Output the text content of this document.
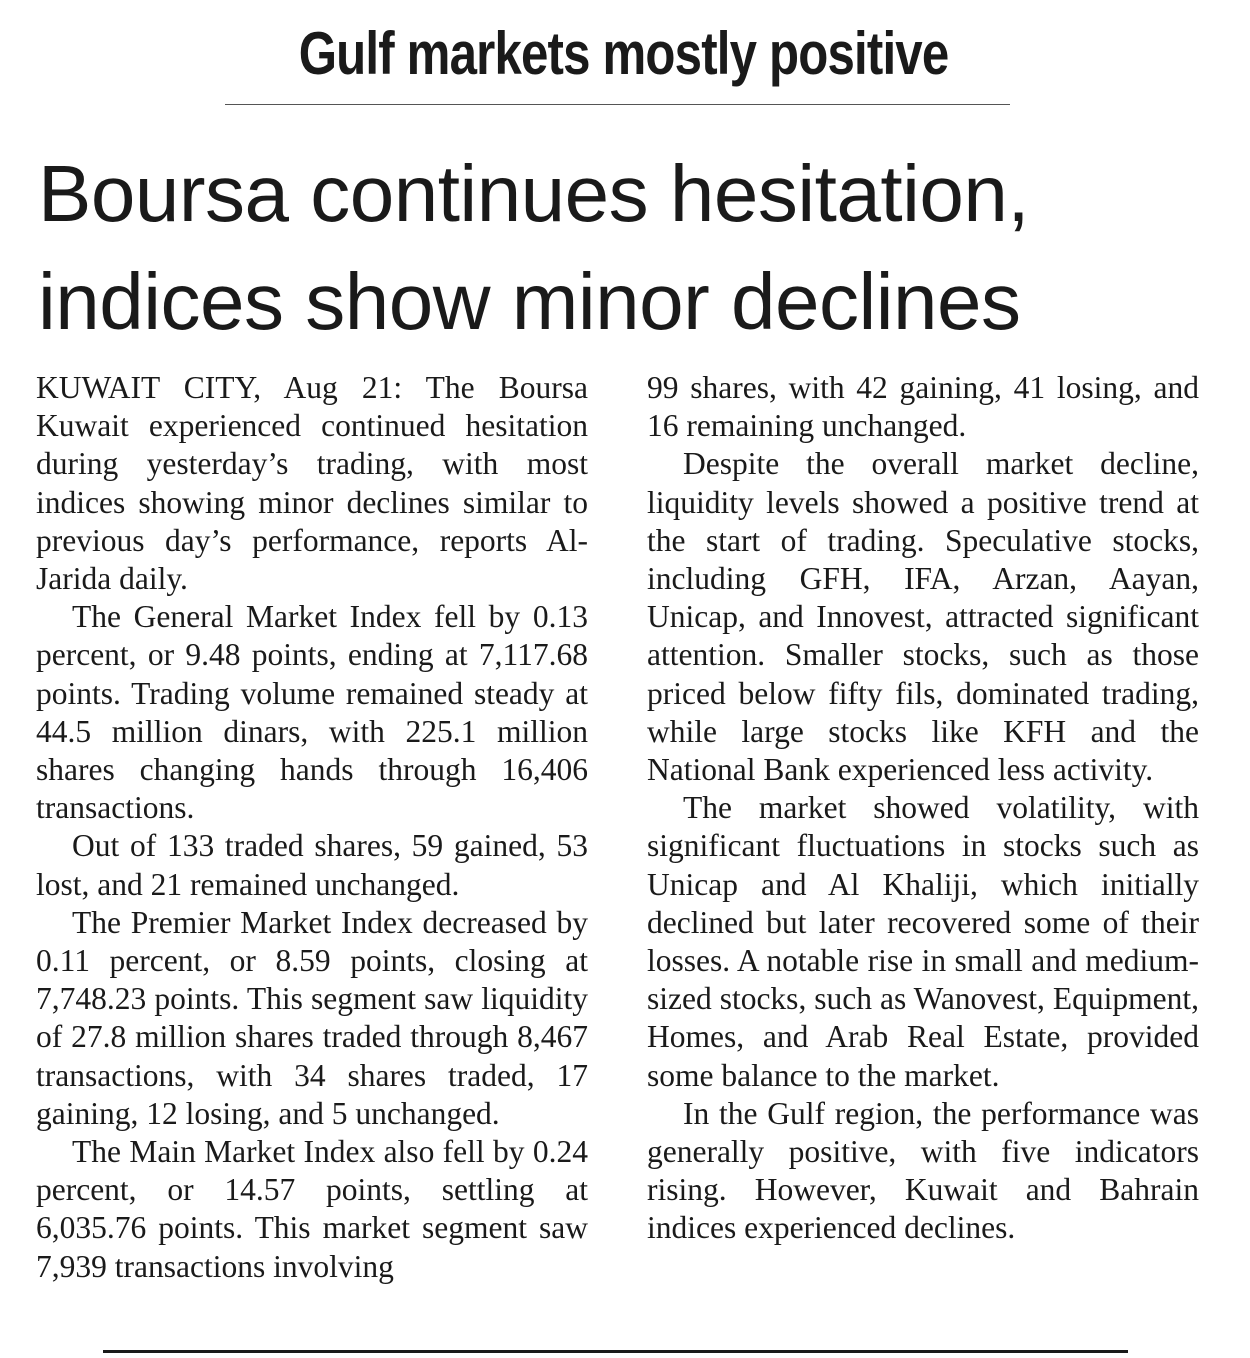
Gulf markets mostly positive
Boursa continues hesitation,
indices show minor declines

KUWAIT CITY, Aug 21: The Boursa Kuwait experienced continued hesitation during yesterday’s trading, with most indices showing minor declines similar to previous day’s performance, reports Al-Jarida daily.

The General Market Index fell by 0.13 percent, or 9.48 points, ending at 7,117.68 points. Trading volume remained steady at 44.5 million dinars, with 225.1 million shares changing hands through 16,406 transactions.

Out of 133 traded shares, 59 gained, 53 lost, and 21 remained unchanged.

The Premier Market Index decreased by 0.11 percent, or 8.59 points, closing at 7,748.23 points. This segment saw liquidity of 27.8 million shares traded through 8,467 transactions, with 34 shares traded, 17 gaining, 12 losing, and 5 unchanged.

The Main Market Index also fell by 0.24 percent, or 14.57 points, settling at 6,035.76 points. This market segment saw 7,939 transactions involving

99 shares, with 42 gaining, 41 losing, and 16 remaining unchanged.

Despite the overall market decline, liquidity levels showed a positive trend at the start of trading. Speculative stocks, including GFH, IFA, Arzan, Aayan, Unicap, and Innovest, attracted significant attention. Smaller stocks, such as those priced below fifty fils, dominated trading, while large stocks like KFH and the National Bank experienced less activity.

The market showed volatility, with significant fluctuations in stocks such as Unicap and Al Khaliji, which initially declined but later recovered some of their losses. A notable rise in small and medium-sized stocks, such as Wanovest, Equipment, Homes, and Arab Real Estate, provided some balance to the market.

In the Gulf region, the performance was generally positive, with five indicators rising. However, Kuwait and Bahrain indices experienced declines.
